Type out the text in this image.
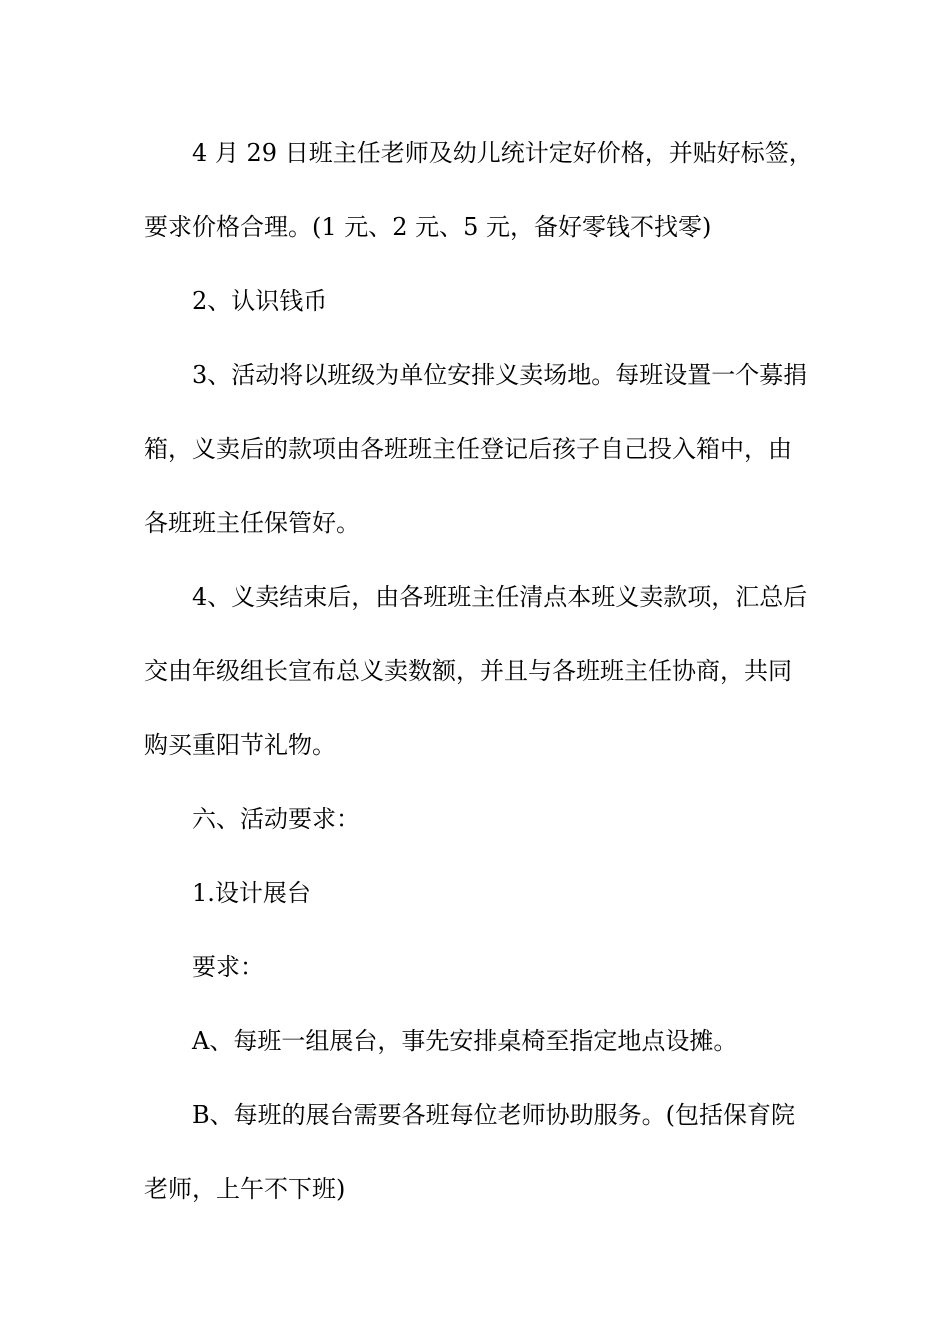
4 月 29 日班主任老师及幼儿统计定好价格，并贴好标签，
要求价格合理。(1 元、2 元、5 元，备好零钱不找零)
2、认识钱币
3、活动将以班级为单位安排义卖场地。每班设置一个募捐
箱，义卖后的款项由各班班主任登记后孩子自己投入箱中，由
各班班主任保管好。
4、义卖结束后，由各班班主任清点本班义卖款项，汇总后
交由年级组长宣布总义卖数额，并且与各班班主任协商，共同
购买重阳节礼物。
六、活动要求：
1.设计展台
要求：
A、每班一组展台，事先安排桌椅至指定地点设摊。
B、每班的展台需要各班每位老师协助服务。(包括保育院
老师，上午不下班)
